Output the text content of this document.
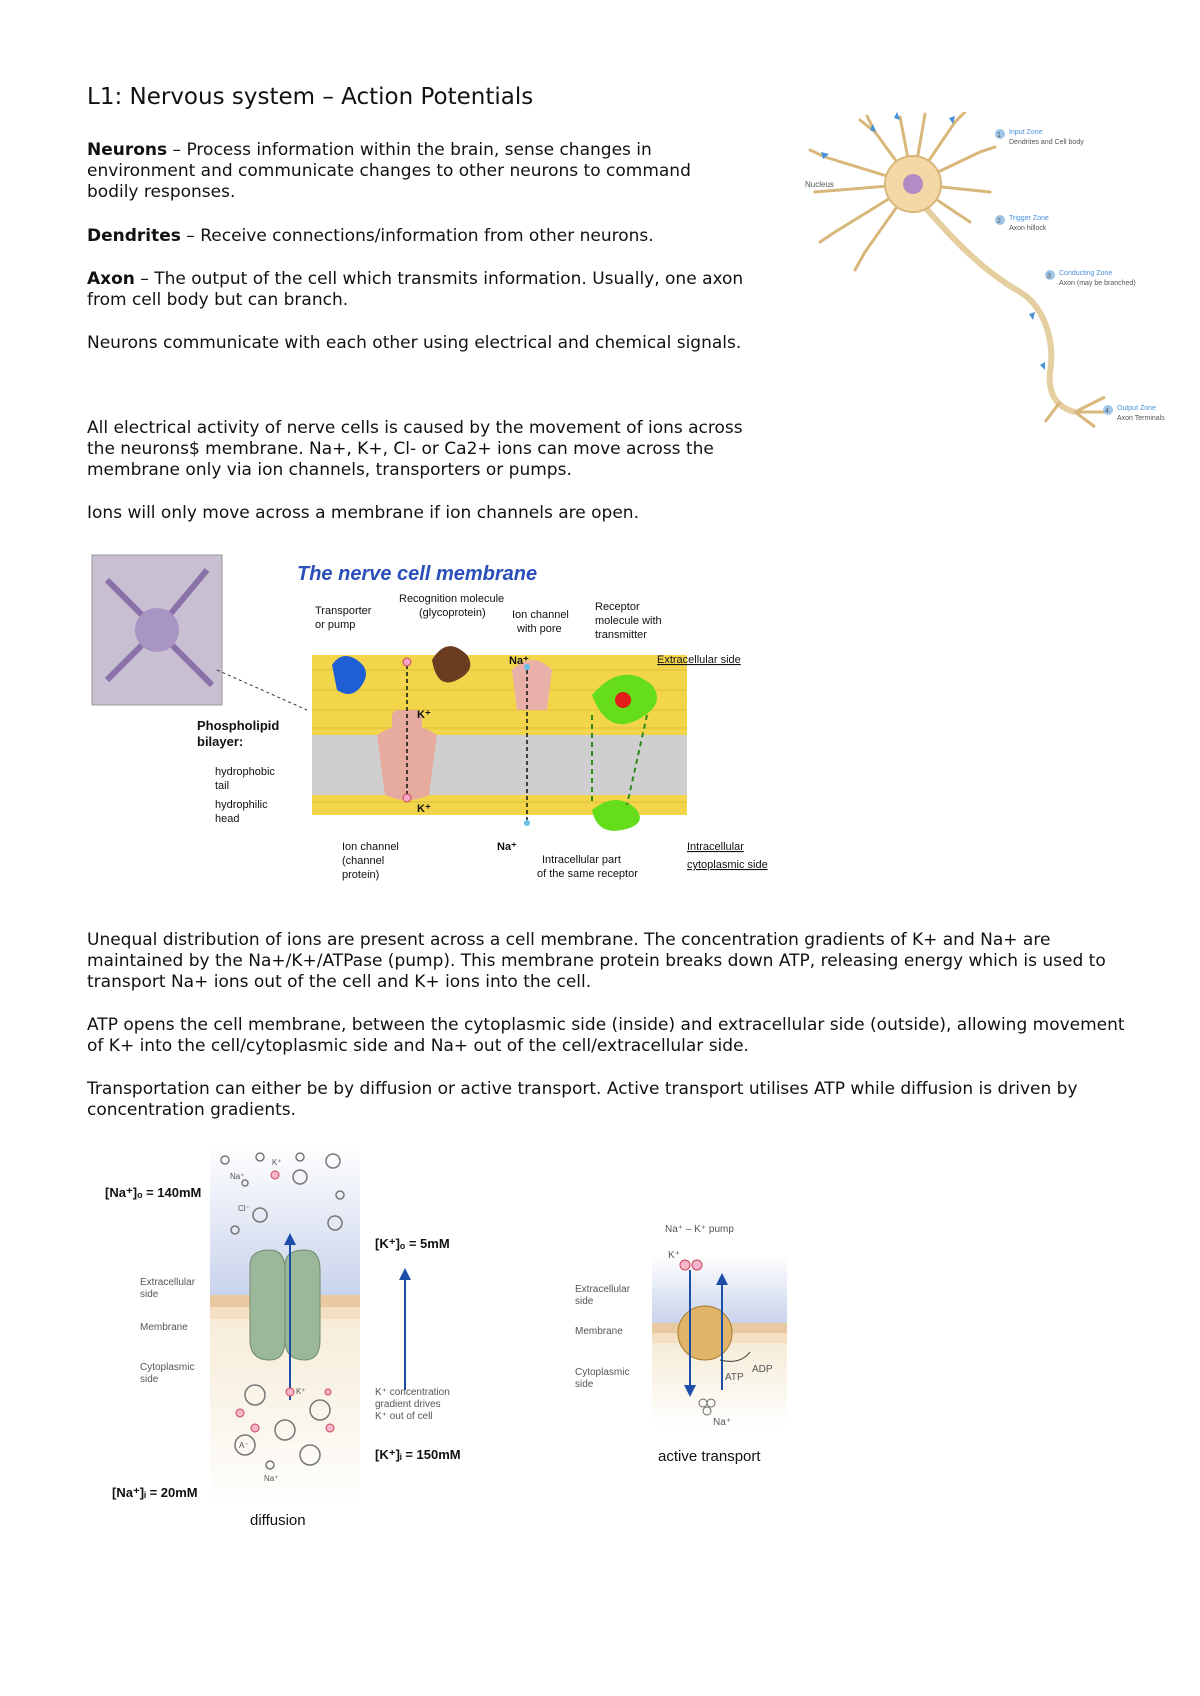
L1: Nervous system – Action Potentials

Neurons – Process information within the brain, sense changes in environment and communicate changes to other neurons to command bodily responses.

Dendrites – Receive connections/information from other neurons.

Axon – The output of the cell which transmits information. Usually, one axon from cell body but can branch.

Neurons communicate with each other using electrical and chemical signals.

All electrical activity of nerve cells is caused by the movement of ions across the neurons$ membrane. Na+, K+, Cl- or Ca2+ ions can move across the membrane only via ion channels, transporters or pumps.

Ions will only move across a membrane if ion channels are open.

Unequal distribution of ions are present across a cell membrane. The concentration gradients of K+ and Na+ are maintained by the Na+/K+/ATPase (pump). This membrane protein breaks down ATP, releasing energy which is used to transport Na+ ions out of the cell and K+ ions into the cell.

ATP opens the cell membrane, between the cytoplasmic side (inside) and extracellular side (outside), allowing movement of K+ into the cell/cytoplasmic side and Na+ out of the cell/extracellular side.

Transportation can either be by diffusion or active transport. Active transport utilises ATP while diffusion is driven by concentration gradients.

Nucleus
1 Input Zone
Dendrites and Cell body
2 Trigger Zone
Axon hillock
3 Conducting Zone
Axon (may be branched)
4 Output Zone
Axon Terminals
The nerve cell membrane
Transporter
or pump
Recognition molecule
(glycoprotein) Ion channel
with pore
Receptor
molecule with
transmitter
Extracellular side
Phospholipid
bilayer:
hydrophobic
tail
hydrophilic
head
Na⁺
K⁺
K⁺
Na⁺
Ion channel
(channel
protein)
Intracellular part
of the same receptor
Intracellular
cytoplasmic side
Na⁺
K⁺
Cl⁻
K⁺
A⁻
Na⁺
Extracellular
side
Membrane
Cytoplasmic
side
K⁺ concentration
gradient drives
K⁺ out of cell
[Na⁺]ₒ = 140mM
[K⁺]ₒ = 5mM
[K⁺]ᵢ = 150mM
[Na⁺]ᵢ = 20mM
diffusion
Na⁺ – K⁺ pump
K⁺
Na⁺
ATP
ADP
Extracellular
side
Membrane
Cytoplasmic
side
active transport
